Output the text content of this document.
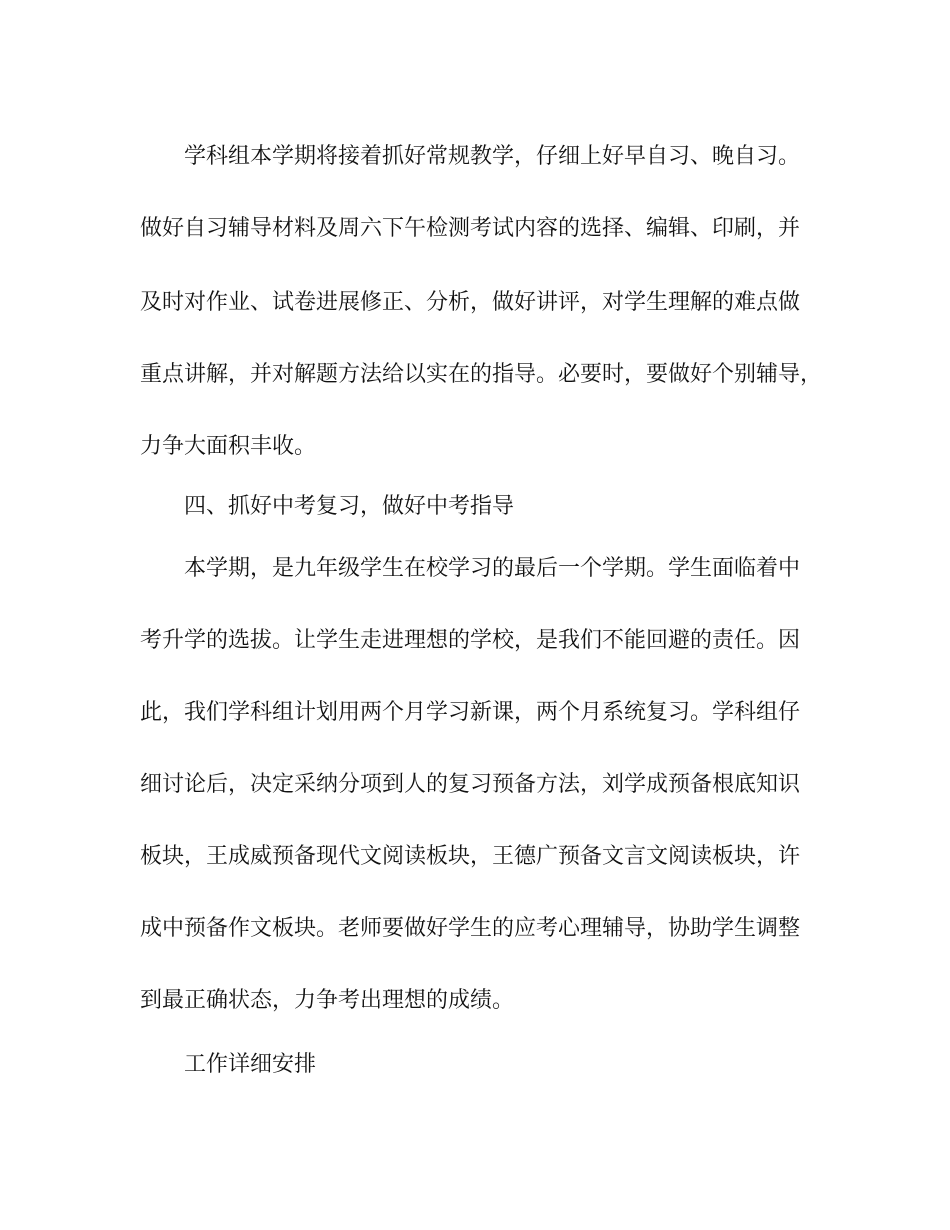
学科组本学期将接着抓好常规教学，仔细上好早自习、晚自习。
做好自习辅导材料及周六下午检测考试内容的选择、编辑、印刷，并
及时对作业、试卷进展修正、分析，做好讲评，对学生理解的难点做
重点讲解，并对解题方法给以实在的指导。必要时，要做好个别辅导，
力争大面积丰收。
四、抓好中考复习，做好中考指导
本学期，是九年级学生在校学习的最后一个学期。学生面临着中
考升学的选拔。让学生走进理想的学校，是我们不能回避的责任。因
此，我们学科组计划用两个月学习新课，两个月系统复习。学科组仔
细讨论后，决定采纳分项到人的复习预备方法，刘学成预备根底知识
板块，王成威预备现代文阅读板块，王德广预备文言文阅读板块，许
成中预备作文板块。老师要做好学生的应考心理辅导，协助学生调整
到最正确状态，力争考出理想的成绩。
工作详细安排
